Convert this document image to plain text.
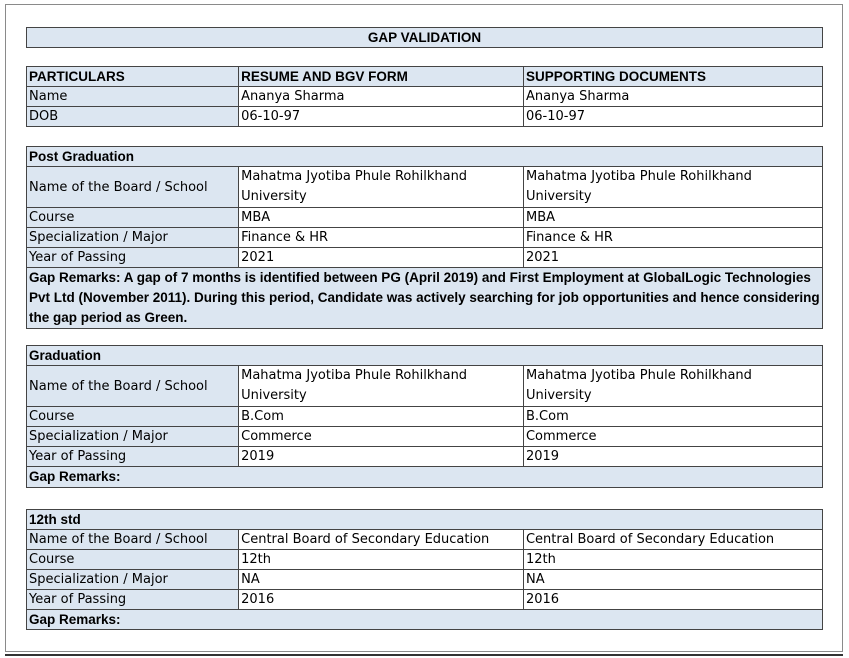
GAP VALIDATION
PARTICULARS	RESUME AND BGV FORM	SUPPORTING DOCUMENTS
Name	Ananya Sharma	Ananya Sharma
DOB	06-10-97	06-10-97
Post Graduation		
Name of the Board / School	Mahatma Jyotiba Phule Rohilkhand University	Mahatma Jyotiba Phule Rohilkhand University
Course	MBA	MBA
Specialization / Major	Finance & HR	Finance & HR
Year of Passing	2021	2021
Gap Remarks: A gap of 7 months is identified between PG (April 2019) and First Employment at GlobalLogic Technologies Pvt Ltd (November 2011). During this period, Candidate was actively searching for job opportunities and hence considering the gap period as Green.		
Graduation		
Name of the Board / School	Mahatma Jyotiba Phule Rohilkhand University	Mahatma Jyotiba Phule Rohilkhand University
Course	B.Com	B.Com
Specialization / Major	Commerce	Commerce
Year of Passing	2019	2019
Gap Remarks:		
12th std		
Name of the Board / School	Central Board of Secondary Education	Central Board of Secondary Education
Course	12th	12th
Specialization / Major	NA	NA
Year of Passing	2016	2016
Gap Remarks:		
